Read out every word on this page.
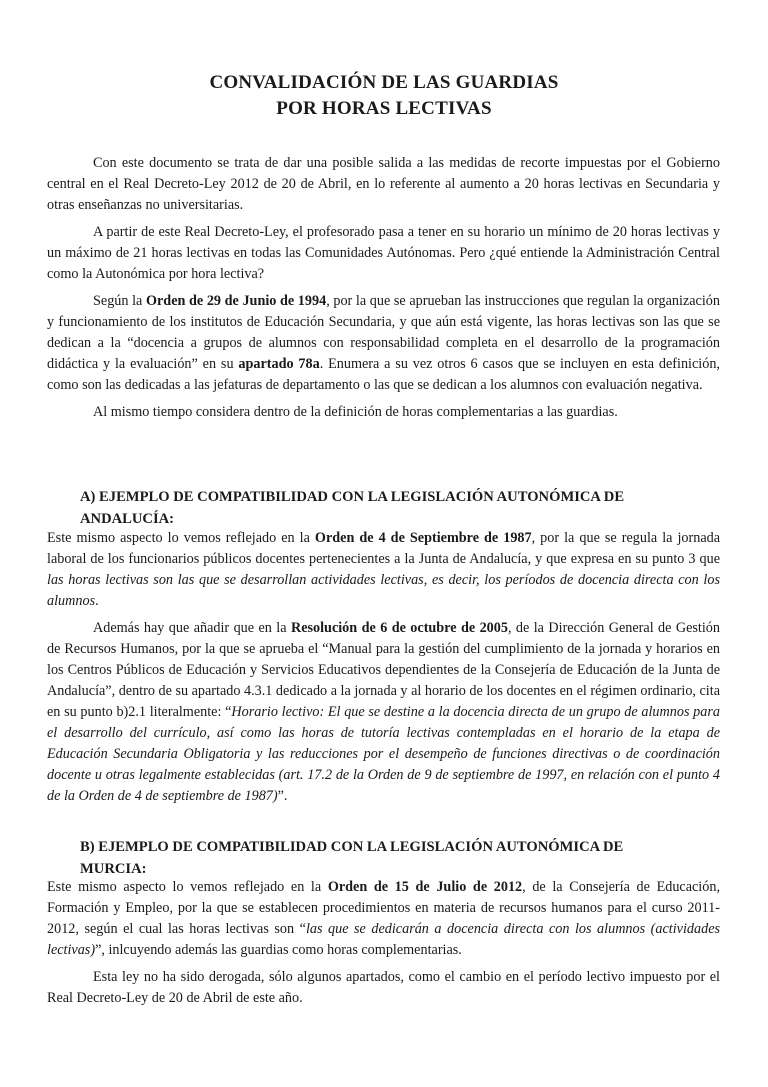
CONVALIDACIÓN DE LAS GUARDIAS
POR HORAS LECTIVAS

Con este documento se trata de dar una posible salida a las medidas de recorte impuestas por el Gobierno central en el Real Decreto-Ley 2012 de 20 de Abril, en lo referente al aumento a 20 horas lectivas en Secundaria y otras enseñanzas no universitarias.

A partir de este Real Decreto-Ley, el profesorado pasa a tener en su horario un mínimo de 20 horas lectivas y un máximo de 21 horas lectivas en todas las Comunidades Autónomas. Pero ¿qué entiende la Administración Central como la Autonómica por hora lectiva?

Según la Orden de 29 de Junio de 1994, por la que se aprueban las instrucciones que regulan la organización y funcionamiento de los institutos de Educación Secundaria, y que aún está vigente, las horas lectivas son las que se dedican a la “docencia a grupos de alumnos con responsabilidad completa en el desarrollo de la programación didáctica y la evaluación” en su apartado 78a. Enumera a su vez otros 6 casos que se incluyen en esta definición, como son las dedicadas a las jefaturas de departamento o las que se dedican a los alumnos con evaluación negativa.

Al mismo tiempo considera dentro de la definición de horas complementarias a las guardias.

A) EJEMPLO DE COMPATIBILIDAD CON LA LEGISLACIÓN AUTONÓMICA DE
ANDALUCÍA:

Este mismo aspecto lo vemos reflejado en la Orden de 4 de Septiembre de 1987, por la que se regula la jornada laboral de los funcionarios públicos docentes pertenecientes a la Junta de Andalucía, y que expresa en su punto 3 que las horas lectivas son las que se desarrollan actividades lectivas, es decir, los períodos de docencia directa con los alumnos.

Además hay que añadir que en la Resolución de 6 de octubre de 2005, de la Dirección General de Gestión de Recursos Humanos, por la que se aprueba el “Manual para la gestión del cumplimiento de la jornada y horarios en los Centros Públicos de Educación y Servicios Educativos dependientes de la Consejería de Educación de la Junta de Andalucía”, dentro de su apartado 4.3.1 dedicado a la jornada y al horario de los docentes en el régimen ordinario, cita en su punto b)2.1 literalmente: “Horario lectivo: El que se destine a la docencia directa de un grupo de alumnos para el desarrollo del currículo, así como las horas de tutoría lectivas contempladas en el horario de la etapa de Educación Secundaria Obligatoria y las reducciones por el desempeño de funciones directivas o de coordinación docente u otras legalmente establecidas (art. 17.2 de la Orden de 9 de septiembre de 1997, en relación con el punto 4 de la Orden de 4 de septiembre de 1987)”.

B) EJEMPLO DE COMPATIBILIDAD CON LA LEGISLACIÓN AUTONÓMICA DE
MURCIA:

Este mismo aspecto lo vemos reflejado en la Orden de 15 de Julio de 2012, de la Consejería de Educación, Formación y Empleo, por la que se establecen procedimientos en materia de recursos humanos para el curso 2011-2012, según el cual las horas lectivas son “las que se dedicarán a docencia directa con los alumnos (actividades lectivas)”, inlcuyendo además las guardias como horas complementarias.

Esta ley no ha sido derogada, sólo algunos apartados, como el cambio en el período lectivo impuesto por el Real Decreto-Ley de 20 de Abril de este año.
